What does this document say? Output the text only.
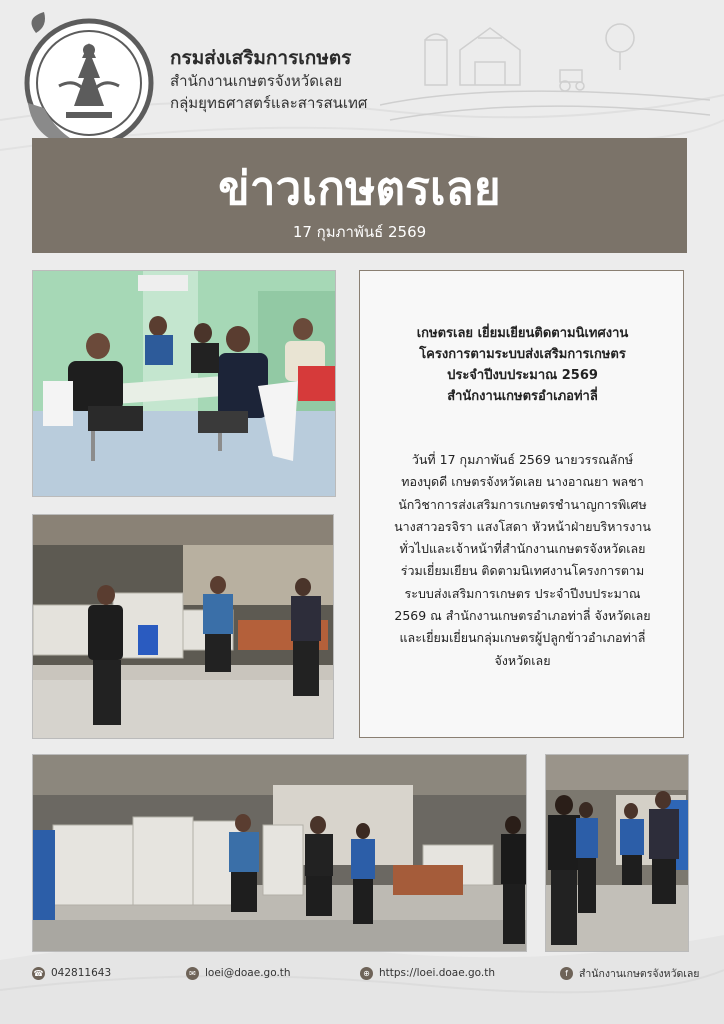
กรมส่งเสริมการเกษตร
สำนักงานเกษตรจังหวัดเลย
กลุ่มยุทธศาสตร์และสารสนเทศ
ข่าวเกษตรเลย
17 กุมภาพันธ์ 2569
เกษตรเลย เยี่ยมเยียนติดตามนิเทศงาน
โครงการตามระบบส่งเสริมการเกษตร
ประจำปีงบประมาณ 2569
สำนักงานเกษตรอำเภอท่าลี่
วันที่ 17 กุมภาพันธ์ 2569 นายวรรณลักษ์
ทองบุดดี เกษตรจังหวัดเลย นางอาณยา พลชา
นักวิชาการส่งเสริมการเกษตรชำนาญการพิเศษ
นางสาวอรจิรา แสงโสดา หัวหน้าฝ่ายบริหารงาน
ทั่วไปและเจ้าหน้าที่สำนักงานเกษตรจังหวัดเลย
ร่วมเยี่ยมเยียน ติดตามนิเทศงานโครงการตาม
ระบบส่งเสริมการเกษตร ประจำปีงบประมาณ
2569 ณ สำนักงานเกษตรอำเภอท่าลี่ จังหวัดเลย
และเยี่ยมเยี่ยนกลุ่มเกษตรผู้ปลูกข้าวอำเภอท่าลี่
จังหวัดเลย
☎ 042811643	✉ loei@doae.go.th	⊕ https://loei.doae.go.th	f	สำนักงานเกษตรจังหวัดเลย
